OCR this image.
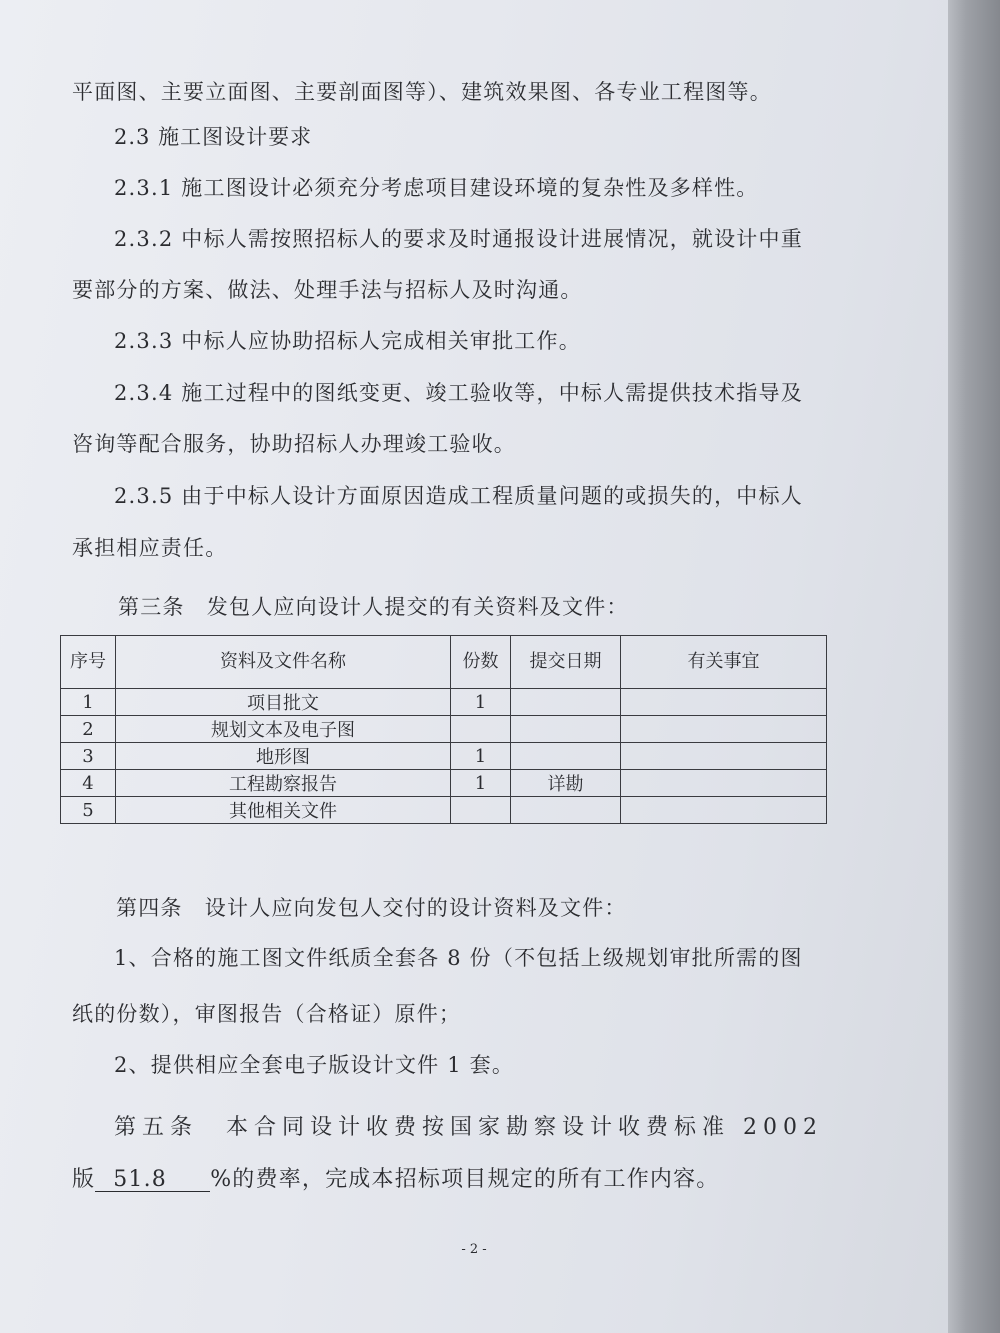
平面图、主要立面图、主要剖面图等）、建筑效果图、各专业工程图等。
2.3 施工图设计要求
2.3.1 施工图设计必须充分考虑项目建设环境的复杂性及多样性。
2.3.2 中标人需按照招标人的要求及时通报设计进展情况，就设计中重
要部分的方案、做法、处理手法与招标人及时沟通。
2.3.3 中标人应协助招标人完成相关审批工作。
2.3.4 施工过程中的图纸变更、竣工验收等，中标人需提供技术指导及
咨询等配合服务，协助招标人办理竣工验收。
2.3.5 由于中标人设计方面原因造成工程质量问题的或损失的，中标人
承担相应责任。
第三条　发包人应向设计人提交的有关资料及文件：
序号	资料及文件名称	份数	提交日期	有关事宜
1	项目批文	1		
2	规划文本及电子图			
3	地形图	1		
4	工程勘察报告	1	详勘	
5	其他相关文件			
第四条　设计人应向发包人交付的设计资料及文件：
1、合格的施工图文件纸质全套各 8 份（不包括上级规划审批所需的图
纸的份数），审图报告（合格证）原件；
2、提供相应全套电子版设计文件 1 套。
第五条　本合同设计收费按国家勘察设计收费标准 2002
版 51.8 %的费率，完成本招标项目规定的所有工作内容。
- 2 -
